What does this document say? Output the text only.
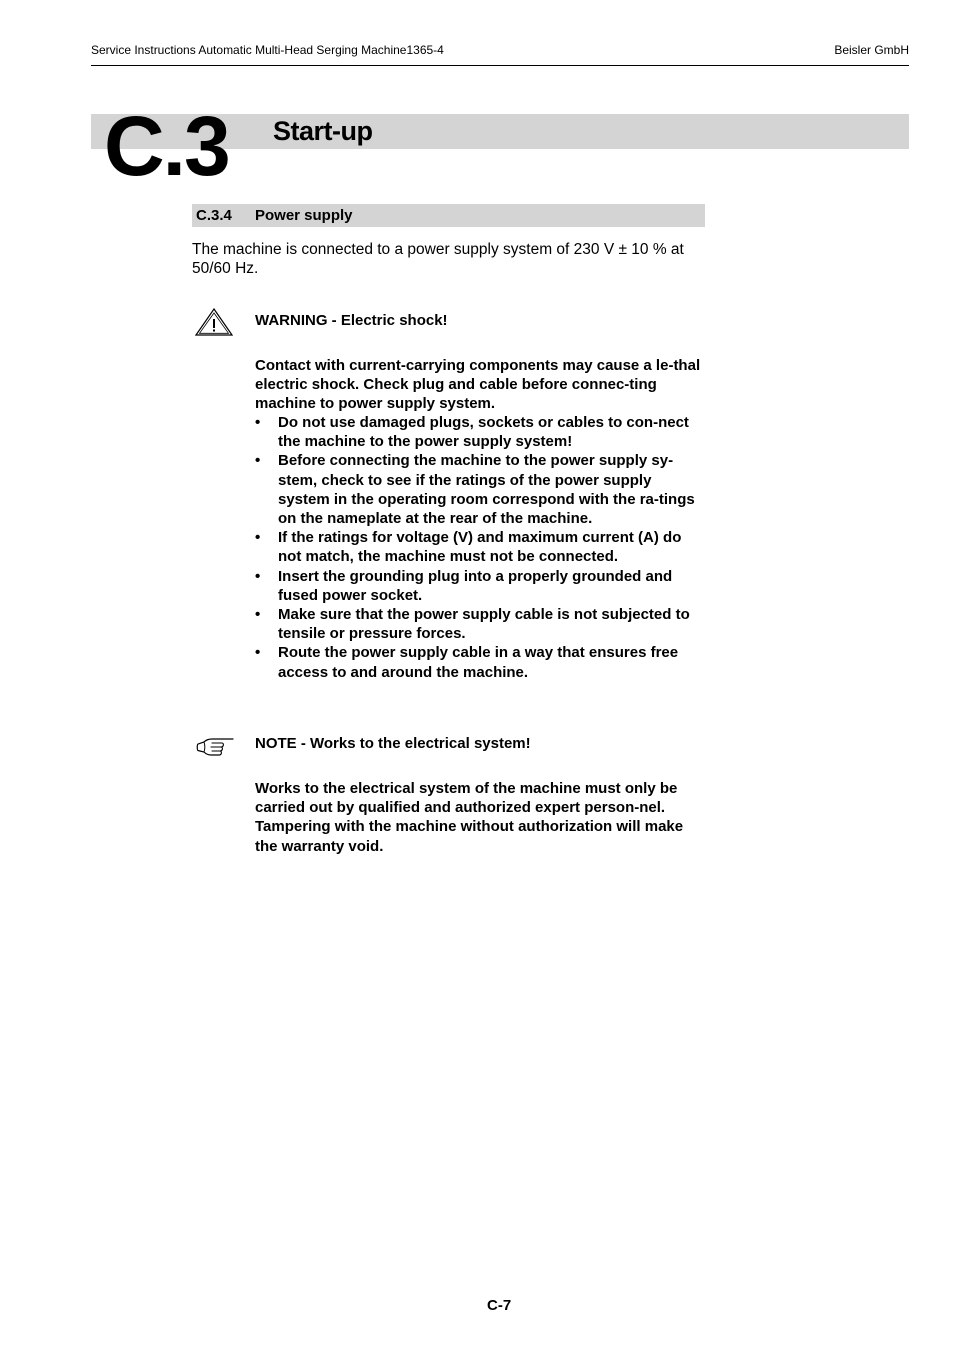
Service Instructions Automatic Multi-Head Serging Machine1365-4	Beisler GmbH
C.3 Start-up
C.3.4 Power supply

The machine is connected to a power supply system of 230 V ± 10 % at 50/60 Hz.

WARNING - Electric shock!

Contact with current-carrying components may cause a le-thal electric shock. Check plug and cable before connec-ting machine to power supply system.

• Do not use damaged plugs, sockets or cables to con-nect the machine to the power supply system!
• Before connecting the machine to the power supply sy-stem, check to see if the ratings of the power supply system in the operating room correspond with the ra-tings on the nameplate at the rear of the machine.
• If the ratings for voltage (V) and maximum current (A) do not match, the machine must not be connected.
• Insert the grounding plug into a properly grounded and fused power socket.
• Make sure that the power supply cable is not subjected to tensile or pressure forces.
• Route the power supply cable in a way that ensures free access to and around the machine.
NOTE - Works to the electrical system!

Works to the electrical system of the machine must only be carried out by qualified and authorized expert person-nel. Tampering with the machine without authorization will make the warranty void.

C-7
